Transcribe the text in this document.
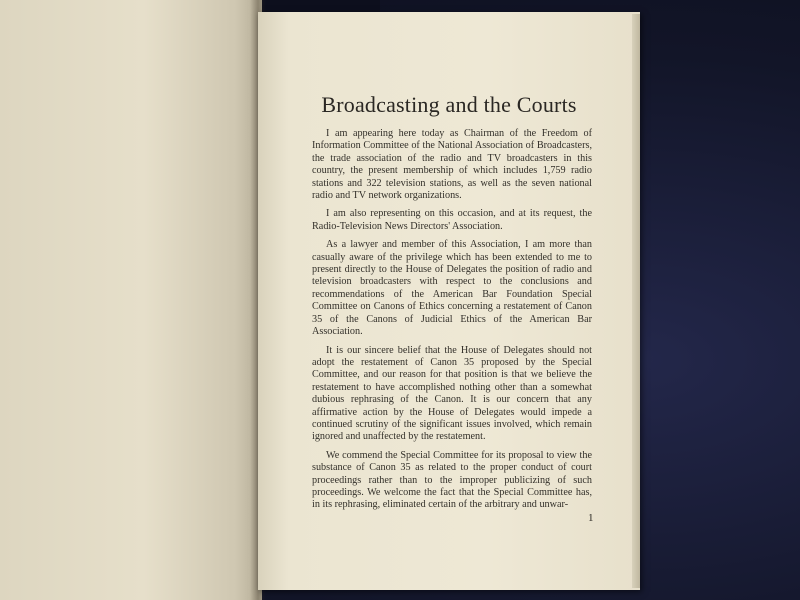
Broadcasting and the Courts

I am appearing here today as Chairman of the Freedom of Information Committee of the National Association of Broadcasters, the trade association of the radio and TV broadcasters in this country, the present membership of which includes 1,759 radio stations and 322 television stations, as well as the seven national radio and TV network organizations.

I am also representing on this occasion, and at its request, the Radio-Television News Directors' Association.

As a lawyer and member of this Association, I am more than casually aware of the privilege which has been extended to me to present directly to the House of Delegates the position of radio and television broadcasters with respect to the conclusions and recommendations of the American Bar Foundation Special Committee on Canons of Ethics concerning a restatement of Canon 35 of the Canons of Judicial Ethics of the American Bar Association.

It is our sincere belief that the House of Delegates should not adopt the restatement of Canon 35 proposed by the Special Committee, and our reason for that position is that we believe the restatement to have accomplished nothing other than a somewhat dubious rephrasing of the Canon. It is our concern that any affirmative action by the House of Delegates would impede a continued scrutiny of the significant issues involved, which remain ignored and unaffected by the restatement.

We commend the Special Committee for its proposal to view the substance of Canon 35 as related to the proper conduct of court proceedings rather than to the improper publicizing of such proceedings. We welcome the fact that the Special Committee has, in its rephrasing, eliminated certain of the arbitrary and unwar-

1
